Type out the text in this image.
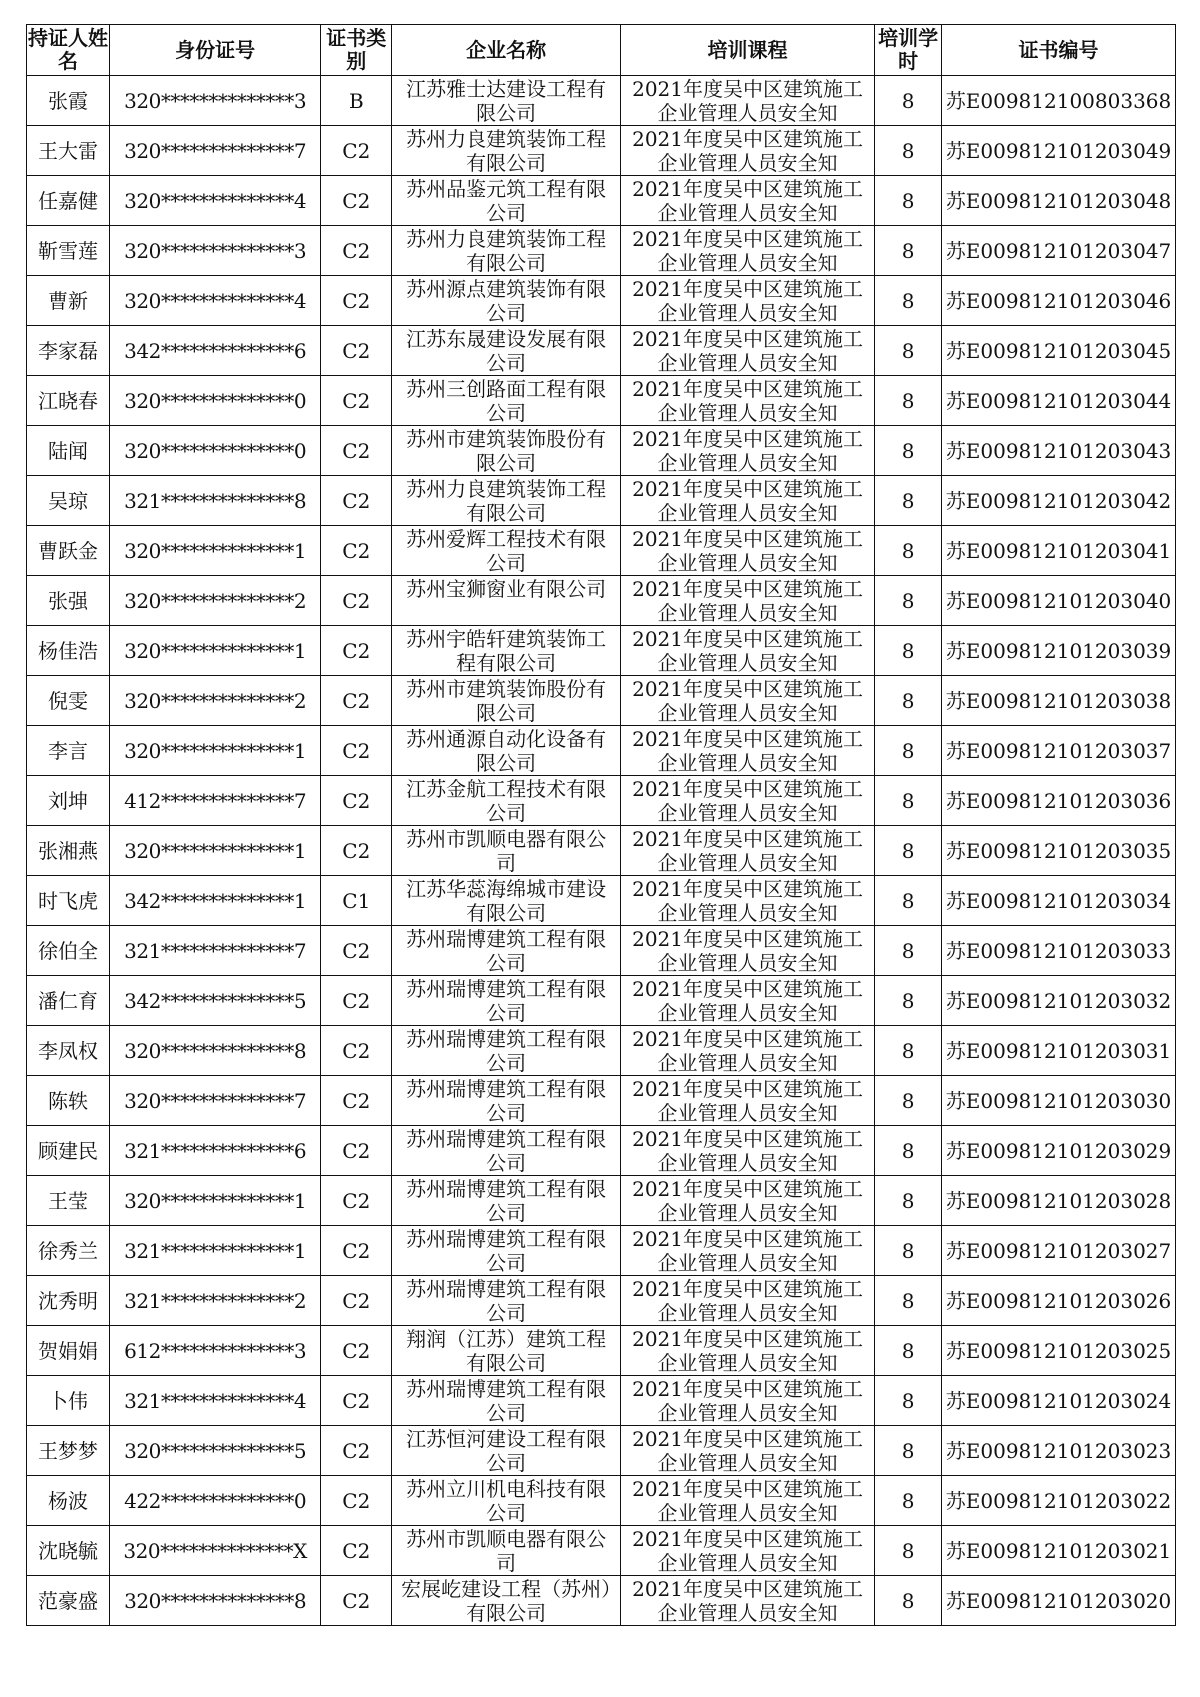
持证人姓名	身份证号	证书类别	企业名称	培训课程	培训学时	证书编号
张霞	320**************3	B	江苏雅士达建设工程有限公司	2021年度吴中区建筑施工企业管理人员安全知	8	苏E009812100803368
王大雷	320**************7	C2	苏州力良建筑装饰工程有限公司	2021年度吴中区建筑施工企业管理人员安全知	8	苏E009812101203049
任嘉健	320**************4	C2	苏州品鉴元筑工程有限公司	2021年度吴中区建筑施工企业管理人员安全知	8	苏E009812101203048
靳雪莲	320**************3	C2	苏州力良建筑装饰工程有限公司	2021年度吴中区建筑施工企业管理人员安全知	8	苏E009812101203047
曹新	320**************4	C2	苏州源点建筑装饰有限公司	2021年度吴中区建筑施工企业管理人员安全知	8	苏E009812101203046
李家磊	342**************6	C2	江苏东晟建设发展有限公司	2021年度吴中区建筑施工企业管理人员安全知	8	苏E009812101203045
江晓春	320**************0	C2	苏州三创路面工程有限公司	2021年度吴中区建筑施工企业管理人员安全知	8	苏E009812101203044
陆闻	320**************0	C2	苏州市建筑装饰股份有限公司	2021年度吴中区建筑施工企业管理人员安全知	8	苏E009812101203043
吴琼	321**************8	C2	苏州力良建筑装饰工程有限公司	2021年度吴中区建筑施工企业管理人员安全知	8	苏E009812101203042
曹跃金	320**************1	C2	苏州爱辉工程技术有限公司	2021年度吴中区建筑施工企业管理人员安全知	8	苏E009812101203041
张强	320**************2	C2	苏州宝狮窗业有限公司	2021年度吴中区建筑施工企业管理人员安全知	8	苏E009812101203040
杨佳浩	320**************1	C2	苏州宇皓轩建筑装饰工程有限公司	2021年度吴中区建筑施工企业管理人员安全知	8	苏E009812101203039
倪雯	320**************2	C2	苏州市建筑装饰股份有限公司	2021年度吴中区建筑施工企业管理人员安全知	8	苏E009812101203038
李言	320**************1	C2	苏州通源自动化设备有限公司	2021年度吴中区建筑施工企业管理人员安全知	8	苏E009812101203037
刘坤	412**************7	C2	江苏金航工程技术有限公司	2021年度吴中区建筑施工企业管理人员安全知	8	苏E009812101203036
张湘燕	320**************1	C2	苏州市凯顺电器有限公司	2021年度吴中区建筑施工企业管理人员安全知	8	苏E009812101203035
时飞虎	342**************1	C1	江苏华蕊海绵城市建设有限公司	2021年度吴中区建筑施工企业管理人员安全知	8	苏E009812101203034
徐伯全	321**************7	C2	苏州瑞博建筑工程有限公司	2021年度吴中区建筑施工企业管理人员安全知	8	苏E009812101203033
潘仁育	342**************5	C2	苏州瑞博建筑工程有限公司	2021年度吴中区建筑施工企业管理人员安全知	8	苏E009812101203032
李凤权	320**************8	C2	苏州瑞博建筑工程有限公司	2021年度吴中区建筑施工企业管理人员安全知	8	苏E009812101203031
陈轶	320**************7	C2	苏州瑞博建筑工程有限公司	2021年度吴中区建筑施工企业管理人员安全知	8	苏E009812101203030
顾建民	321**************6	C2	苏州瑞博建筑工程有限公司	2021年度吴中区建筑施工企业管理人员安全知	8	苏E009812101203029
王莹	320**************1	C2	苏州瑞博建筑工程有限公司	2021年度吴中区建筑施工企业管理人员安全知	8	苏E009812101203028
徐秀兰	321**************1	C2	苏州瑞博建筑工程有限公司	2021年度吴中区建筑施工企业管理人员安全知	8	苏E009812101203027
沈秀明	321**************2	C2	苏州瑞博建筑工程有限公司	2021年度吴中区建筑施工企业管理人员安全知	8	苏E009812101203026
贺娟娟	612**************3	C2	翔润（江苏）建筑工程有限公司	2021年度吴中区建筑施工企业管理人员安全知	8	苏E009812101203025
卜伟	321**************4	C2	苏州瑞博建筑工程有限公司	2021年度吴中区建筑施工企业管理人员安全知	8	苏E009812101203024
王梦梦	320**************5	C2	江苏恒河建设工程有限公司	2021年度吴中区建筑施工企业管理人员安全知	8	苏E009812101203023
杨波	422**************0	C2	苏州立川机电科技有限公司	2021年度吴中区建筑施工企业管理人员安全知	8	苏E009812101203022
沈晓毓	320**************X	C2	苏州市凯顺电器有限公司	2021年度吴中区建筑施工企业管理人员安全知	8	苏E009812101203021
范豪盛	320**************8	C2	宏展屹建设工程（苏州）有限公司	2021年度吴中区建筑施工企业管理人员安全知	8	苏E009812101203020
